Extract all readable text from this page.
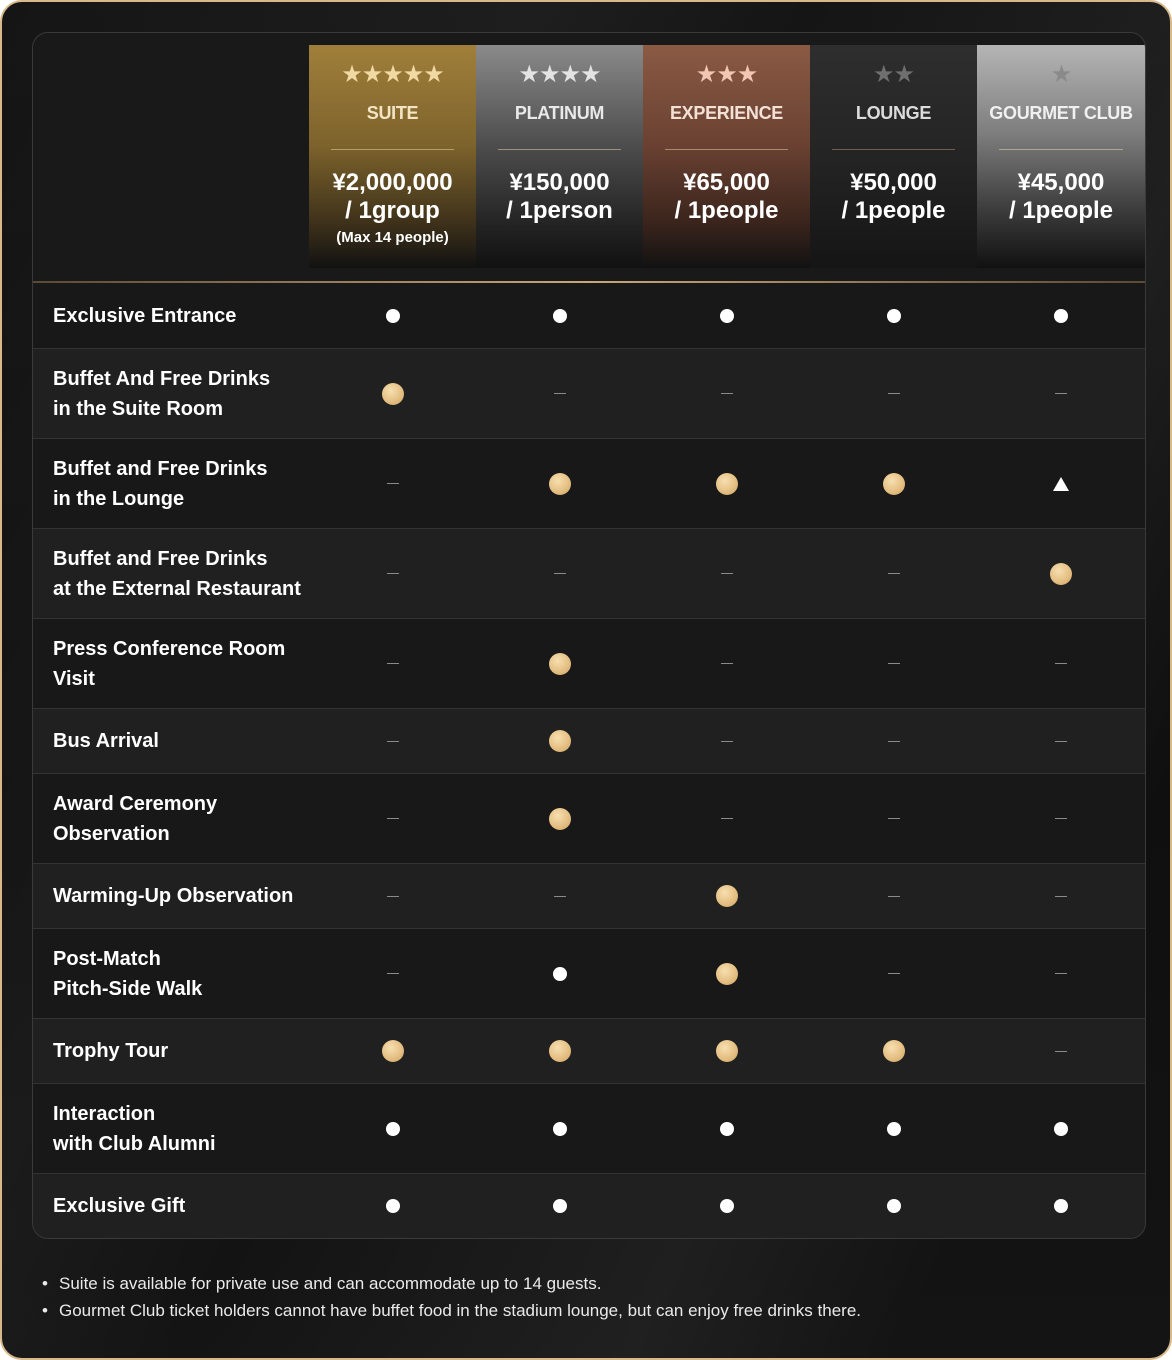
★★★★★
SUITE
¥2,000,000
/ 1group
(Max 14 people)
★★★★
PLATINUM
¥150,000
/ 1person
★★★
EXPERIENCE
¥65,000
/ 1people
★★
LOUNGE
¥50,000
/ 1people
★
GOURMET CLUB
¥45,000
/ 1people
Exclusive Entrance
Buffet And Free Drinks
in the Suite Room
Buffet and Free Drinks
in the Lounge
Buffet and Free Drinks
at the External Restaurant
Press Conference Room
Visit
Bus Arrival
Award Ceremony
Observation
Warming-Up Observation
Post-Match
Pitch-Side Walk
Trophy Tour
Interaction
with Club Alumni
Exclusive Gift
• Suite is available for private use and can accommodate up to 14 guests.
• Gourmet Club ticket holders cannot have buffet food in the stadium lounge, but can enjoy free drinks there.
